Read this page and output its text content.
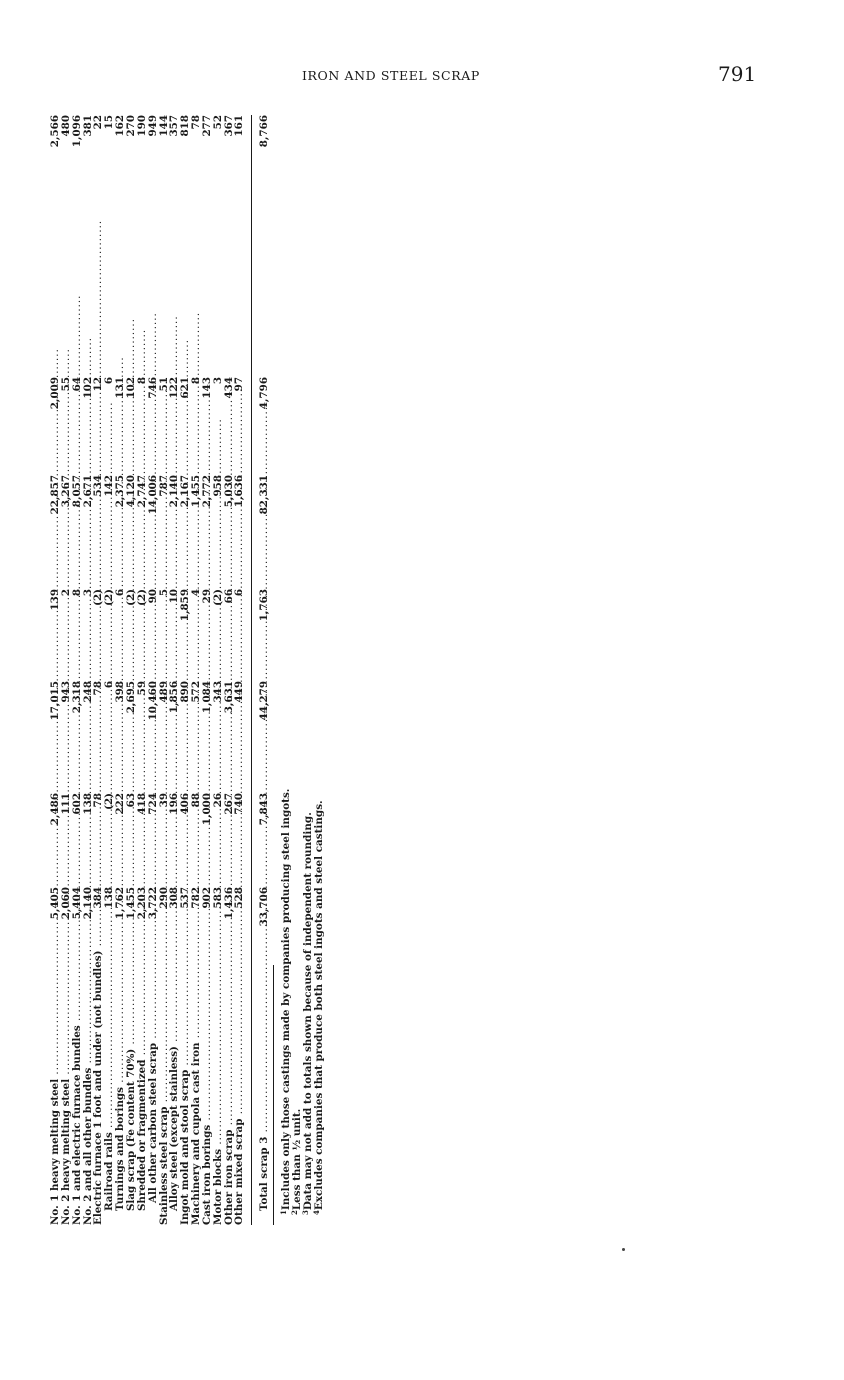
IRON AND STEEL SCRAP	791
No. 1 heavy melting steel .....
5,405
2,486
17,015
139
22,857
2,009
2,566
No. 2 heavy melting steel .....
2,060
111
943
2
3,267
55
480
No. 1 and electric furnace bundles .....
5,404
602
2,318
8
8,057
64
1,096
No. 2 and all other bundles .....
2,140
138
248
3
2,671
102
381
Electric furnace 1 foot and under (not bundles) .....
384
78
78
(2)
534
12
22
Railroad rails .....
138
(2)
6
(2)
142
6
15
Turnings and borings .....
1,762
222
398
6
2,375
131
162
Slag scrap (Fe content 70%) .....
1,455
63
2,695
(2)
4,120
102
270
Shredded or fragmentized .....
2,203
418
59
(2)
2,747
8
190
All other carbon steel scrap .....
3,722
724
10,460
90
14,006
746
949
Stainless steel scrap .....
290
39
489
5
787
51
144
Alloy steel (except stainless) .....
308
196
1,856
10
2,140
122
357
Ingot mold and stool scrap .....
537
406
890
1,859
2,167
621
818
Machinery and cupola cast iron .....
782
88
572
4
1,455
8
78
Cast iron borings .....
902
1,000
1,084
29
2,772
143
277
Motor blocks .....
583
26
343
(2)
958
3
52
Other iron scrap .....
1,436
267
3,631
66
5,030
434
367
Other mixed scrap .....
528
740
449
6
1,636
97
161
Total scrap 3 .....
33,706
7,843
44,279
1,763
82,331
4,796
8,766
$^1$Includes only those castings made by companies producing steel ingots.
$^2$Less than ½ unit.
$^3$Data may not add to totals shown because of independent rounding.
$^4$Excludes companies that produce both steel ingots and steel castings.
